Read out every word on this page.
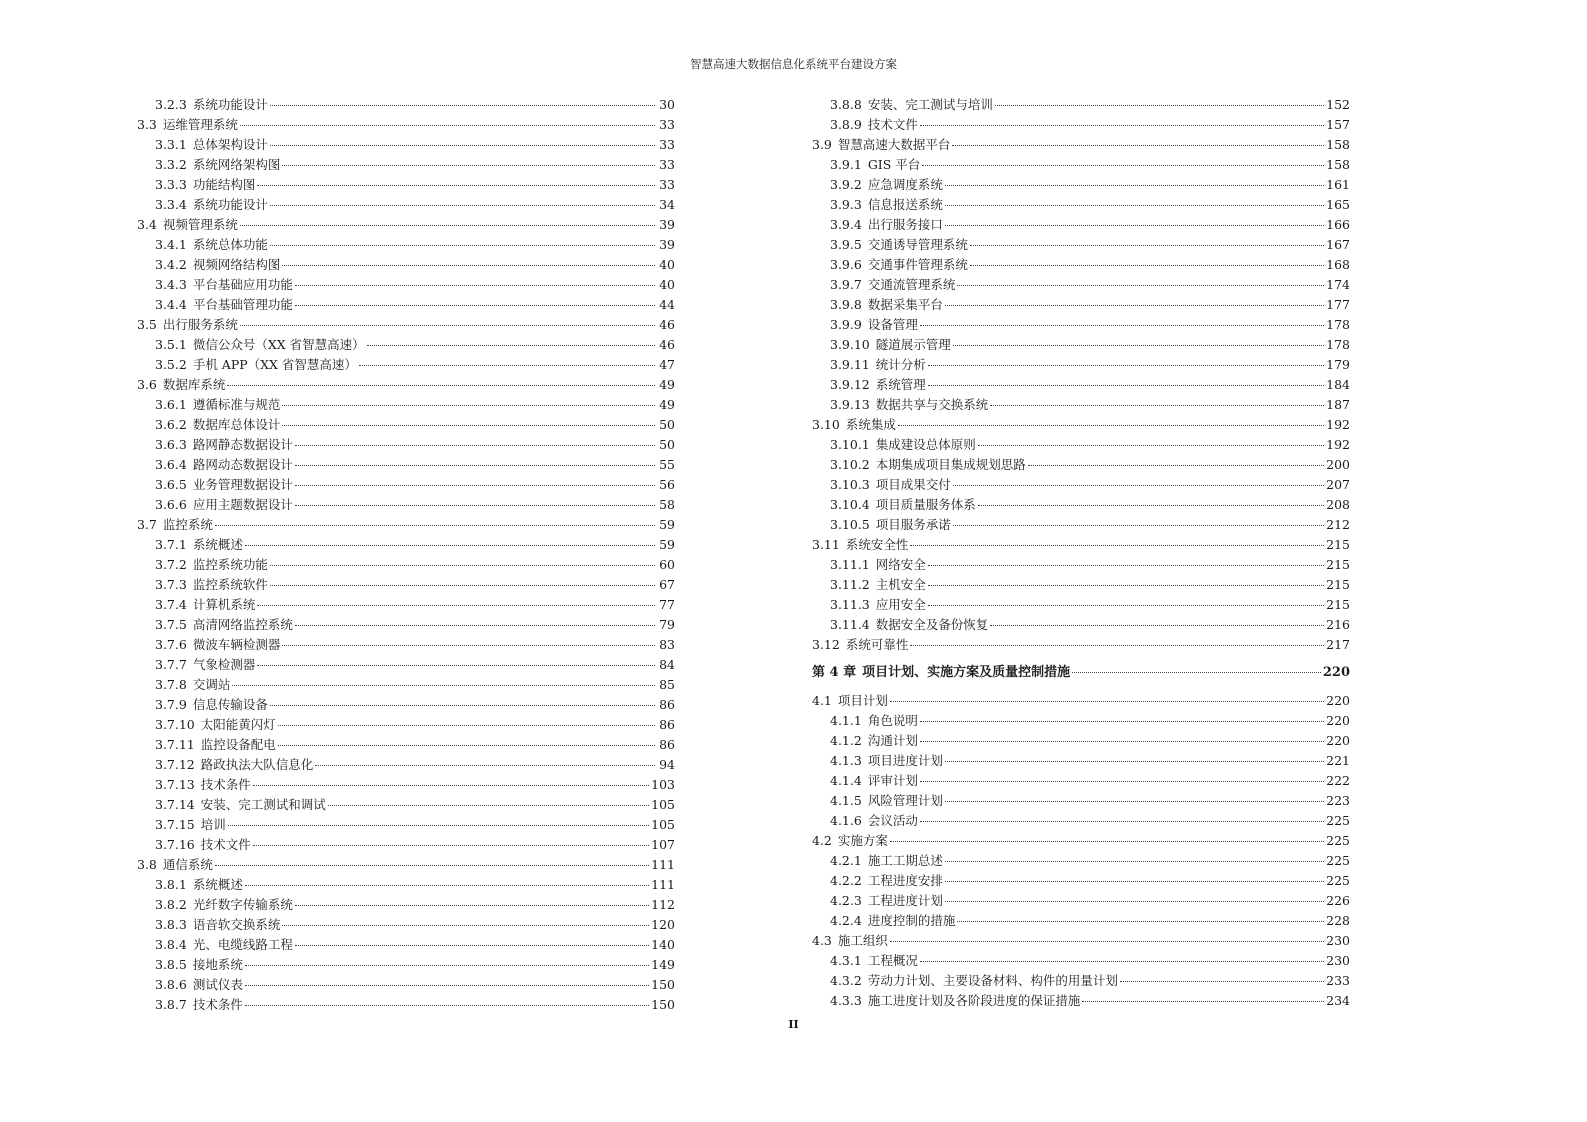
智慧高速大数据信息化系统平台建设方案
3.2.3 系统功能设计	30
3.3 运维管理系统	33
3.3.1 总体架构设计	33
3.3.2 系统网络架构图	33
3.3.3 功能结构图	33
3.3.4 系统功能设计	34
3.4 视频管理系统	39
3.4.1 系统总体功能	39
3.4.2 视频网络结构图	40
3.4.3 平台基础应用功能	40
3.4.4 平台基础管理功能	44
3.5 出行服务系统	46
3.5.1 微信公众号（XX 省智慧高速）	46
3.5.2 手机 APP（XX 省智慧高速）	47
3.6 数据库系统	49
3.6.1 遵循标准与规范	49
3.6.2 数据库总体设计	50
3.6.3 路网静态数据设计	50
3.6.4 路网动态数据设计	55
3.6.5 业务管理数据设计	56
3.6.6 应用主题数据设计	58
3.7 监控系统	59
3.7.1 系统概述	59
3.7.2 监控系统功能	60
3.7.3 监控系统软件	67
3.7.4 计算机系统	77
3.7.5 高清网络监控系统	79
3.7.6 微波车辆检测器	83
3.7.7 气象检测器	84
3.7.8 交调站	85
3.7.9 信息传输设备	86
3.7.10 太阳能黄闪灯	86
3.7.11 监控设备配电	86
3.7.12 路政执法大队信息化	94
3.7.13 技术条件	103
3.7.14 安装、完工测试和调试	105
3.7.15 培训	105
3.7.16 技术文件	107
3.8 通信系统	111
3.8.1 系统概述	111
3.8.2 光纤数字传输系统	112
3.8.3 语音软交换系统	120
3.8.4 光、电缆线路工程	140
3.8.5 接地系统	149
3.8.6 测试仪表	150
3.8.7 技术条件	150
3.8.8 安装、完工测试与培训	152
3.8.9 技术文件	157
3.9 智慧高速大数据平台	158
3.9.1 GIS 平台	158
3.9.2 应急调度系统	161
3.9.3 信息报送系统	165
3.9.4 出行服务接口	166
3.9.5 交通诱导管理系统	167
3.9.6 交通事件管理系统	168
3.9.7 交通流管理系统	174
3.9.8 数据采集平台	177
3.9.9 设备管理	178
3.9.10 隧道展示管理	178
3.9.11 统计分析	179
3.9.12 系统管理	184
3.9.13 数据共享与交换系统	187
3.10 系统集成	192
3.10.1 集成建设总体原则	192
3.10.2 本期集成项目集成规划思路	200
3.10.3 项目成果交付	207
3.10.4 项目质量服务体系	208
3.10.5 项目服务承诺	212
3.11 系统安全性	215
3.11.1 网络安全	215
3.11.2 主机安全	215
3.11.3 应用安全	215
3.11.4 数据安全及备份恢复	216
3.12 系统可靠性	217
第 4 章 项目计划、实施方案及质量控制措施	220
4.1 项目计划	220
4.1.1 角色说明	220
4.1.2 沟通计划	220
4.1.3 项目进度计划	221
4.1.4 评审计划	222
4.1.5 风险管理计划	223
4.1.6 会议活动	225
4.2 实施方案	225
4.2.1 施工工期总述	225
4.2.2 工程进度安排	225
4.2.3 工程进度计划	226
4.2.4 进度控制的措施	228
4.3 施工组织	230
4.3.1 工程概况	230
4.3.2 劳动力计划、主要设备材料、构件的用量计划	233
4.3.3 施工进度计划及各阶段进度的保证措施	234
II
